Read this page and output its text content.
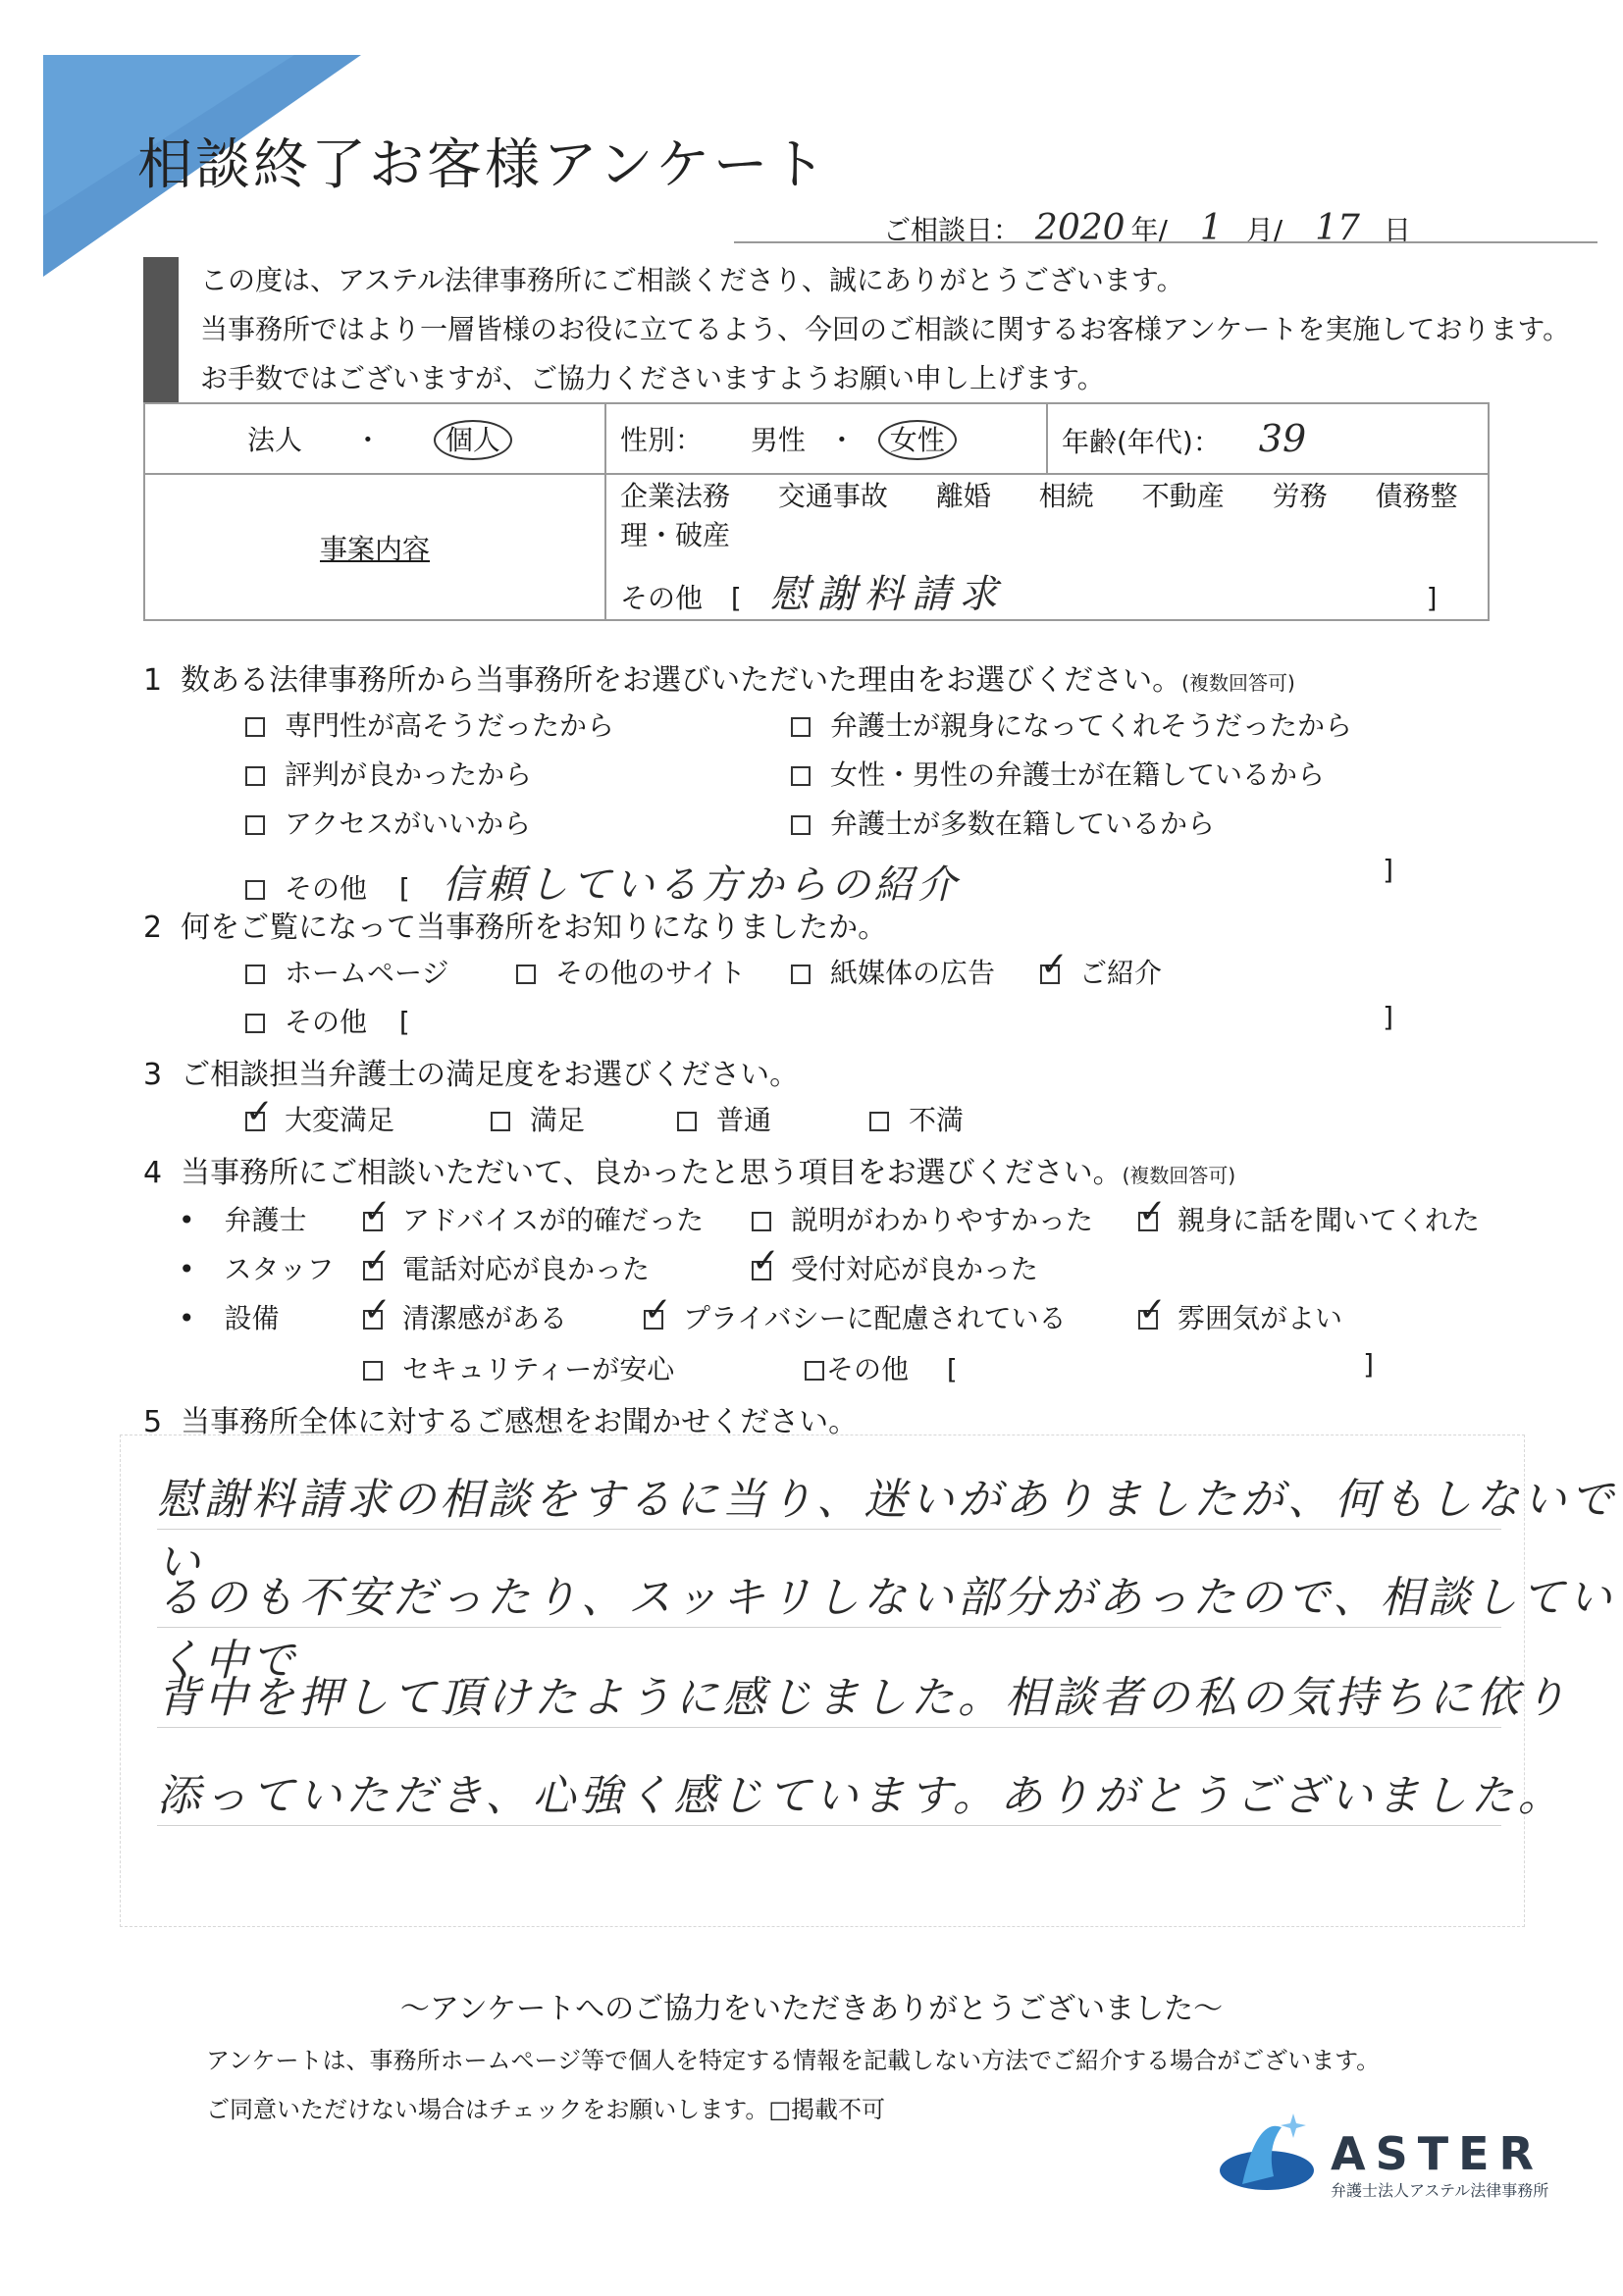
相談終了お客様アンケート
ご相談日： 2020 年/ 1 月/ 17 日
この度は、アステル法律事務所にご相談くださり、誠にありがとうございます。
当事務所ではより一層皆様のお役に立てるよう、今回のご相談に関するお客様アンケートを実施しております。
お手数ではございますが、ご協力くださいますようお願い申し上げます。
法人 ・ 個人	性別： 男性 ・ 女性	年齢(年代)： 39
事案内容	企業法務 交通事故 離婚 相続 不動産 労務 債務整理・破産
その他 [ 慰謝料請求 ]	
1 数ある法律事務所から当事務所をお選びいただいた理由をお選びください。(複数回答可)
専門性が高そうだったから	弁護士が親身になってくれそうだったから
評判が良かったから	女性・男性の弁護士が在籍しているから
アクセスがいいから	弁護士が多数在籍しているから
その他 [ 信頼している方からの紹介	]
2 何をご覧になって当事務所をお知りになりましたか。
ホームページ	その他のサイト	紙媒体の広告 ✓	ご紹介
その他 [	]
3 ご相談担当弁護士の満足度をお選びください。
✓大変満足	満足	普通	不満
4 当事務所にご相談いただいて、良かったと思う項目をお選びください。(複数回答可)
• 弁護士 ✓	アドバイスが的確だった	説明がわかりやすかった ✓	親身に話を聞いてくれた
• スタッフ ✓	電話対応が良かった ✓	受付対応が良かった
• 設備 ✓	清潔感がある ✓	プライバシーに配慮されている ✓	雰囲気がよい
セキュリティーが安心	その他 [	]
5 当事務所全体に対するご感想をお聞かせください。
慰謝料請求の相談をするに当り、迷いがありましたが、何もしないでい
るのも不安だったり、スッキリしない部分があったので、相談していく中で
背中を押して頂けたように感じました。相談者の私の気持ちに依り
添っていただき、心強く感じています。ありがとうございました。
〜アンケートへのご協力をいただきありがとうございました〜
アンケートは、事務所ホームページ等で個人を特定する情報を記載しない方法でご紹介する場合がございます。
ご同意いただけない場合はチェックをお願いします。□掲載不可
ASTER
弁護士法人アステル法律事務所
